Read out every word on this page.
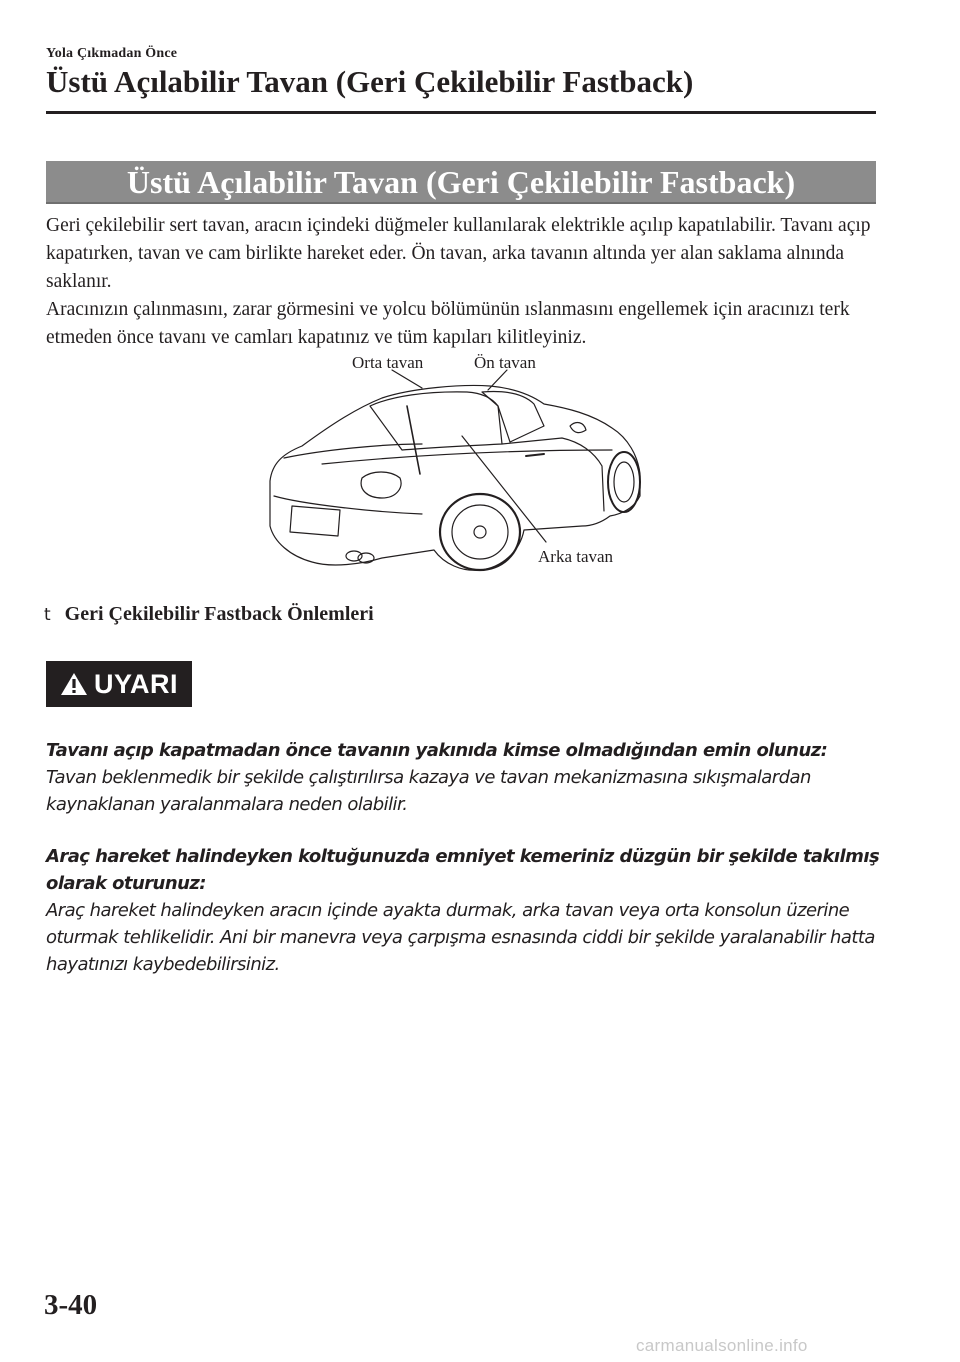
Yola Çıkmadan Önce
Üstü Açılabilir Tavan (Geri Çekilebilir Fastback)
Üstü Açılabilir Tavan (Geri Çekilebilir Fastback)

Geri çekilebilir sert tavan, aracın içindeki düğmeler kullanılarak elektrikle açılıp kapatılabilir. Tavanı açıp kapatırken, tavan ve cam birlikte hareket eder. Ön tavan, arka tavanın altında yer alan saklama alnında saklanır.

Aracınızın çalınmasını, zarar görmesini ve yolcu bölümünün ıslanmasını engellemek için aracınızı terk etmeden önce tavanı ve camları kapatınız ve tüm kapıları kilitleyiniz.

Orta tavan	Ön tavan
Arka tavan
t Geri Çekilebilir Fastback Önlemleri
UYARI
Tavanı açıp kapatmadan önce tavanın yakınıda kimse olmadığından emin olunuz:
Tavan beklenmedik bir şekilde çalıştırılırsa kazaya ve tavan mekanizmasına sıkışmalardan kaynaklanan yaralanmalara neden olabilir.
Araç hareket halindeyken koltuğunuzda emniyet kemeriniz düzgün bir şekilde takılmış olarak oturunuz:
Araç hareket halindeyken aracın içinde ayakta durmak, arka tavan veya orta konsolun üzerine oturmak tehlikelidir. Ani bir manevra veya çarpışma esnasında ciddi bir şekilde yaralanabilir hatta hayatınızı kaybedebilirsiniz.
3-40
carmanualsonline.info
